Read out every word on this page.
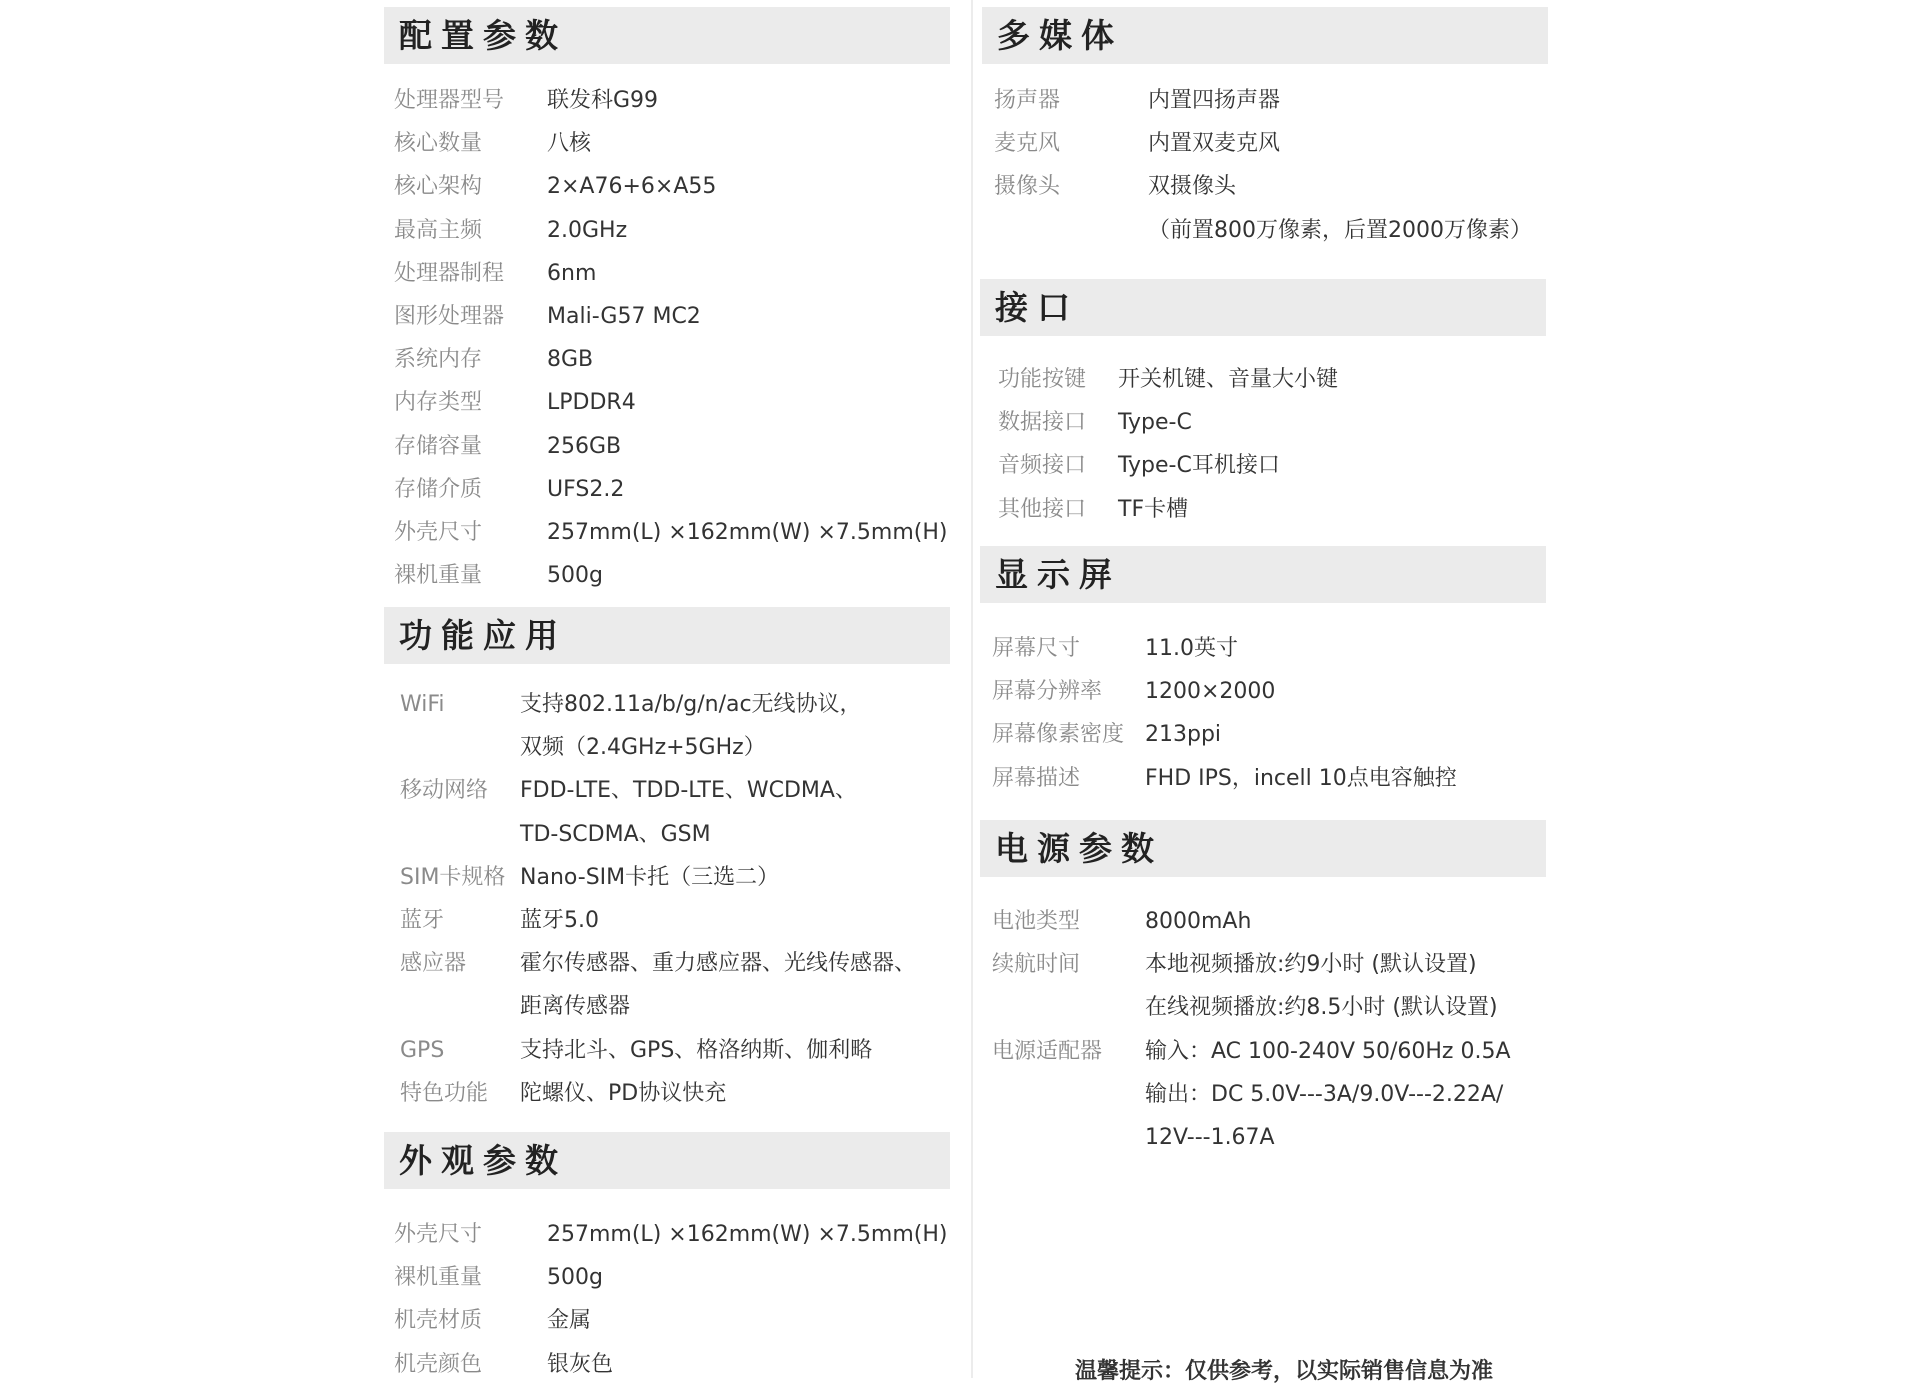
配置参数
处理器型号 联发科G99
核心数量	八核
核心架构	2×A76+6×A55
最高主频	2.0GHz
处理器制程 6nm
图形处理器 Mali-G57 MC2
系统内存	8GB
内存类型	LPDDR4
存储容量	256GB
存储介质	UFS2.2
外壳尺寸	257mm(L) ×162mm(W) ×7.5mm(H)
裸机重量	500g
功能应用
WiFi	支持802.11a/b/g/n/ac无线协议，
双频（2.4GHz+5GHz）
移动网络 FDD-LTE、TDD-LTE、WCDMA、
TD-SCDMA、GSM
SIM卡规格 Nano-SIM卡托（三选二）
蓝牙	蓝牙5.0
感应器 霍尔传感器、重力感应器、光线传感器、
距离传感器
GPS	支持北斗、GPS、格洛纳斯、伽利略
特色功能 陀螺仪、PD协议快充
外观参数
外壳尺寸	257mm(L) ×162mm(W) ×7.5mm(H)
裸机重量	500g
机壳材质	金属
机壳颜色	银灰色
多媒体
扬声器	内置四扬声器
麦克风	内置双麦克风
摄像头	双摄像头
（前置800万像素，后置2000万像素）
接口
功能按键 开关机键、音量大小键
数据接口 Type-C
音频接口 Type-C耳机接口
其他接口 TF卡槽
显示屏
屏幕尺寸	11.0英寸
屏幕分辨率 1200×2000
屏幕像素密度 213ppi
屏幕描述	FHD IPS，incell 10点电容触控
电源参数
电池类型	8000mAh
续航时间	本地视频播放:约9小时 (默认设置)
在线视频播放:约8.5小时 (默认设置)
电源适配器 输入：AC 100-240V 50/60Hz 0.5A
输出：DC 5.0V---3A/9.0V---2.22A/
12V---1.67A
温馨提示：仅供参考，以实际销售信息为准
